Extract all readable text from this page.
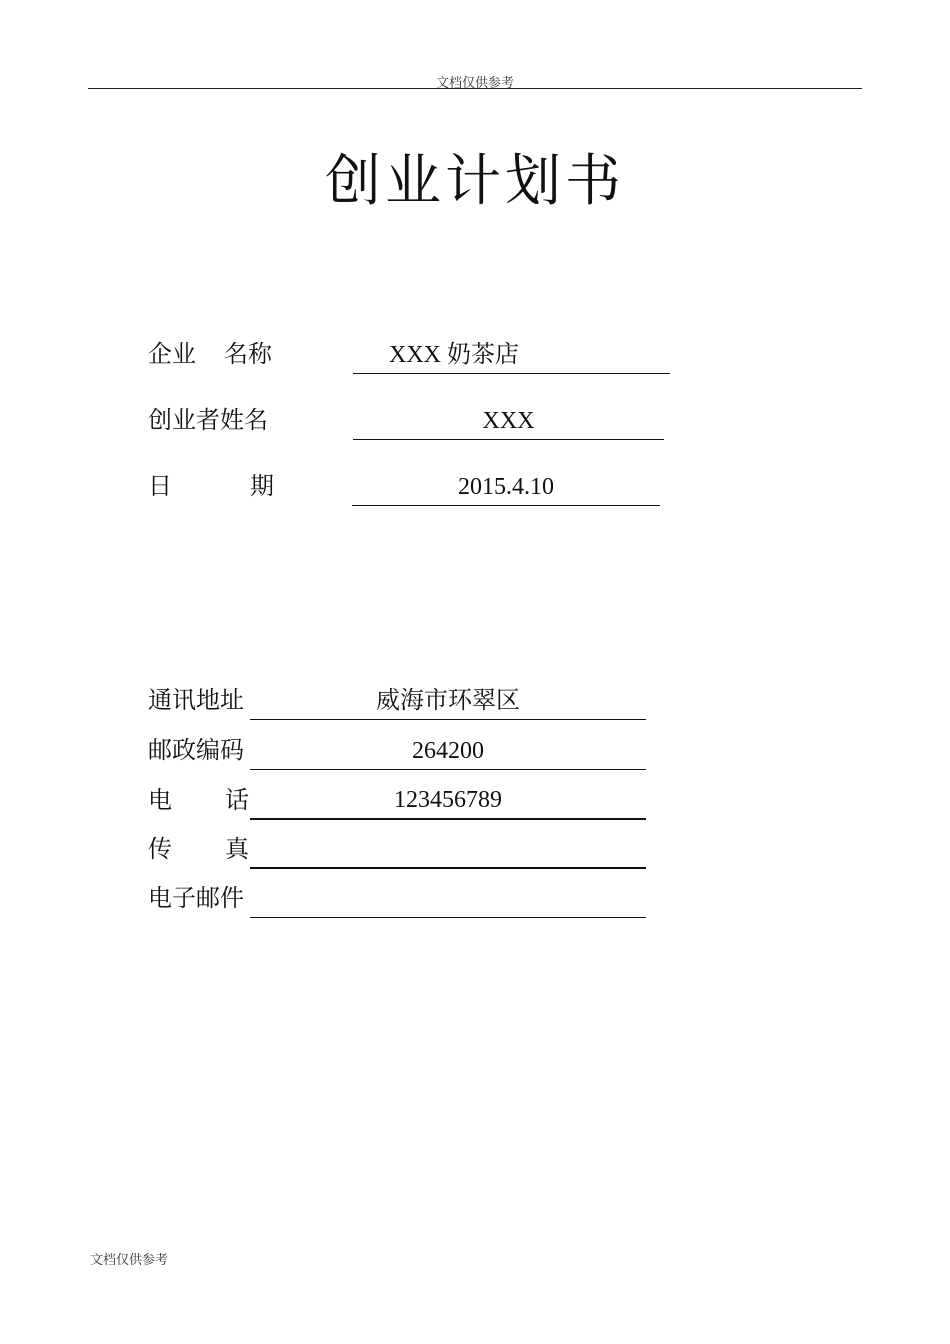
文档仅供参考
创业计划书
企业 名称	XXX 奶茶店
创业者姓名	XXX
日	期	2015.4.10
通讯地址	威海市环翠区
邮政编码	264200
电 话	123456789
传 真
电子邮件
文档仅供参考
